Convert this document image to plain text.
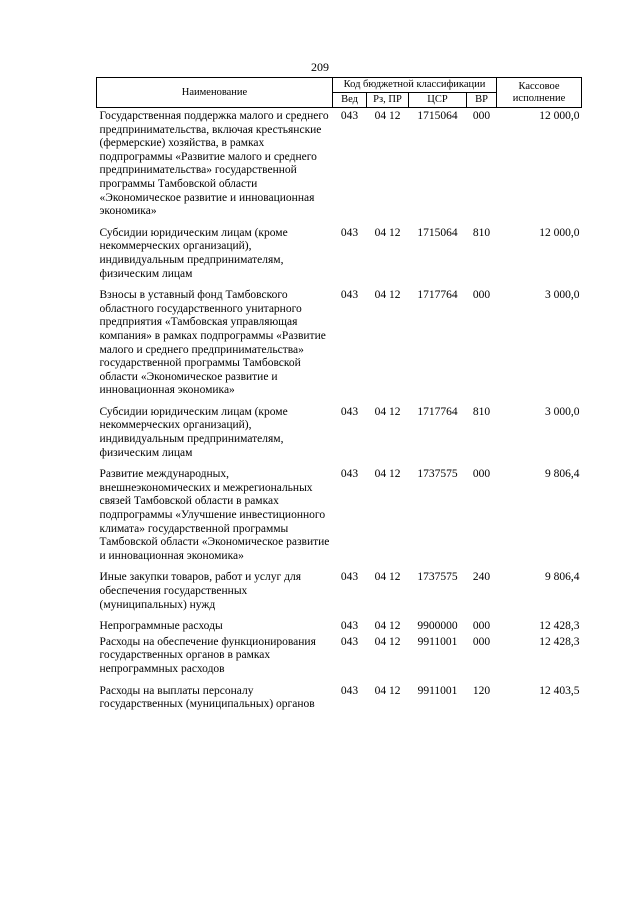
209
Наименование	Код бюджетной классификации				Кассовое исполнение
	Вед	Рз, ПР	ЦСР	ВР	
Государственная поддержка малого и среднего предпринимательства, включая крестьянские (фермерские) хозяйства, в рамках подпрограммы «Развитие малого и среднего предпринимательства» государственной программы Тамбовской области «Экономическое развитие и инновационная экономика»	043	04 12	1715064	000	12 000,0
Субсидии юридическим лицам (кроме некоммерческих организаций), индивидуальным предпринимателям, физическим лицам	043	04 12	1715064	810	12 000,0
Взносы в уставный фонд Тамбовского областного государственного унитарного предприятия «Тамбовская управляющая компания» в рамках подпрограммы «Развитие малого и среднего предпринимательства» государственной программы Тамбовской области «Экономическое развитие и инновационная экономика»	043	04 12	1717764	000	3 000,0
Субсидии юридическим лицам (кроме некоммерческих организаций), индивидуальным предпринимателям, физическим лицам	043	04 12	1717764	810	3 000,0
Развитие международных, внешнеэкономических и межрегиональных связей Тамбовской области в рамках подпрограммы «Улучшение инвестиционного климата» государственной программы Тамбовской области «Экономическое развитие и инновационная экономика»	043	04 12	1737575	000	9 806,4
Иные закупки товаров, работ и услуг для обеспечения государственных (муниципальных) нужд	043	04 12	1737575	240	9 806,4
Непрограммные расходы	043	04 12	9900000	000	12 428,3
Расходы на обеспечение функционирования государственных органов в рамках непрограммных расходов	043	04 12	9911001	000	12 428,3
Расходы на выплаты персоналу государственных (муниципальных) органов	043	04 12	9911001	120	12 403,5
